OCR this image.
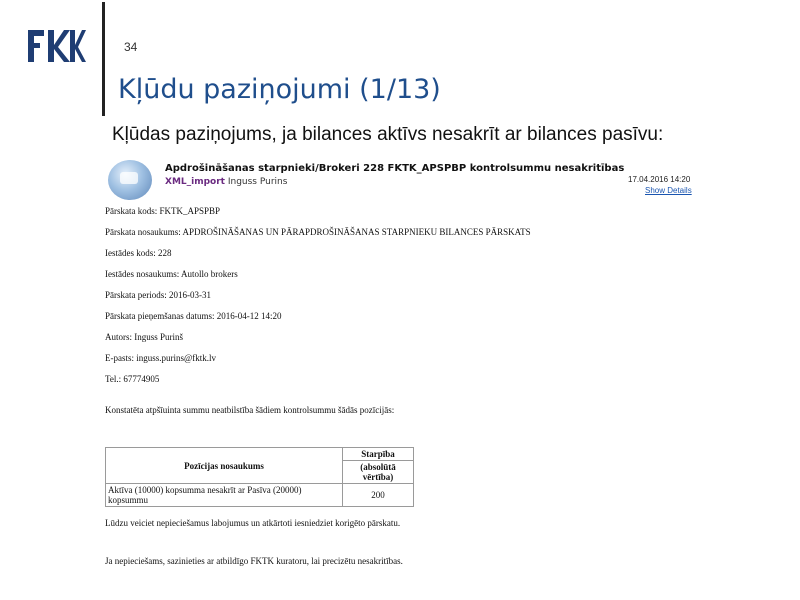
34
Kļūdu paziņojumi (1/13)
Kļūdas paziņojums, ja bilances aktīvs nesakrīt ar bilances pasīvu:
Apdrošināšanas starpnieki/Brokeri 228 FKTK_APSPBP kontrolsummu nesakritības
XML_import Inguss Purins	17.04.2016 14:20
Show Details
Pārskata kods: FKTK_APSPBP
Pārskata nosaukums: APDROŠINĀŠANAS UN PĀRAPDROŠINĀŠANAS STARPNIEKU BILANCES PĀRSKATS
Iestādes kods: 228
Iestādes nosaukums: Autollo brokers
Pārskata periods: 2016-03-31
Pārskata pieņemšanas datums: 2016-04-12 14:20
Autors: Inguss Purinš
E-pasts: inguss.purins@fktk.lv
Tel.: 67774905
Konstatēta atpšīuinta summu neatbilstība šādiem kontrolsummu šādās pozīcijās:
Pozīcijas nosaukums	Starpība
	(absolūtā vērtība)
Aktīva (10000) kopsumma nesakrīt ar Pasīva (20000) kopsummu	200
Lūdzu veiciet nepieciešamus labojumus un atkārtoti iesniedziet korigēto pārskatu.
Ja nepieciešams, sazinieties ar atbildīgo FKTK kuratoru, lai precizētu nesakritības.
